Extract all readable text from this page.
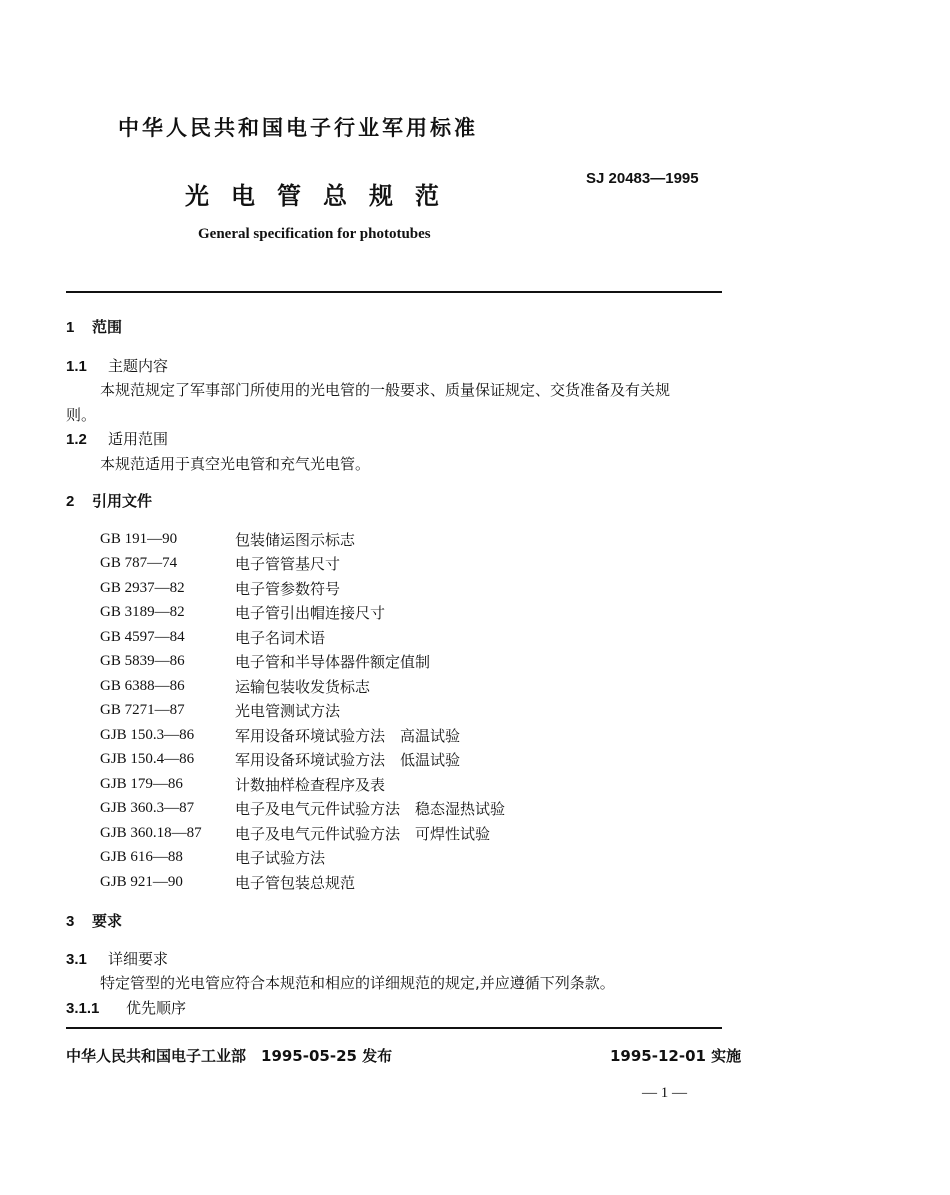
中华人民共和国电子行业军用标准
光电管总规范
SJ 20483—1995
General specification for phototubes
1 范围
1.1 主题内容
本规范规定了军事部门所使用的光电管的一般要求、质量保证规定、交货准备及有关规
则。
1.2 适用范围
本规范适用于真空光电管和充气光电管。
2 引用文件
GB 191—90	包装储运图示标志
GB 787—74	电子管管基尺寸
GB 2937—82	电子管参数符号
GB 3189—82	电子管引出帽连接尺寸
GB 4597—84	电子名词术语
GB 5839—86	电子管和半导体器件额定值制
GB 6388—86	运输包装收发货标志
GB 7271—87	光电管测试方法
GJB 150.3—86	军用设备环境试验方法　高温试验
GJB 150.4—86	军用设备环境试验方法　低温试验
GJB 179—86	计数抽样检查程序及表
GJB 360.3—87	电子及电气元件试验方法　稳态湿热试验
GJB 360.18—87	电子及电气元件试验方法　可焊性试验
GJB 616—88	电子试验方法
GJB 921—90	电子管包装总规范
3 要求
3.1 详细要求
特定管型的光电管应符合本规范和相应的详细规范的规定,并应遵循下列条款。
3.1.1 优先顺序
中华人民共和国电子工业部　1995-05-25 发布	1995-12-01 实施
— 1 —
